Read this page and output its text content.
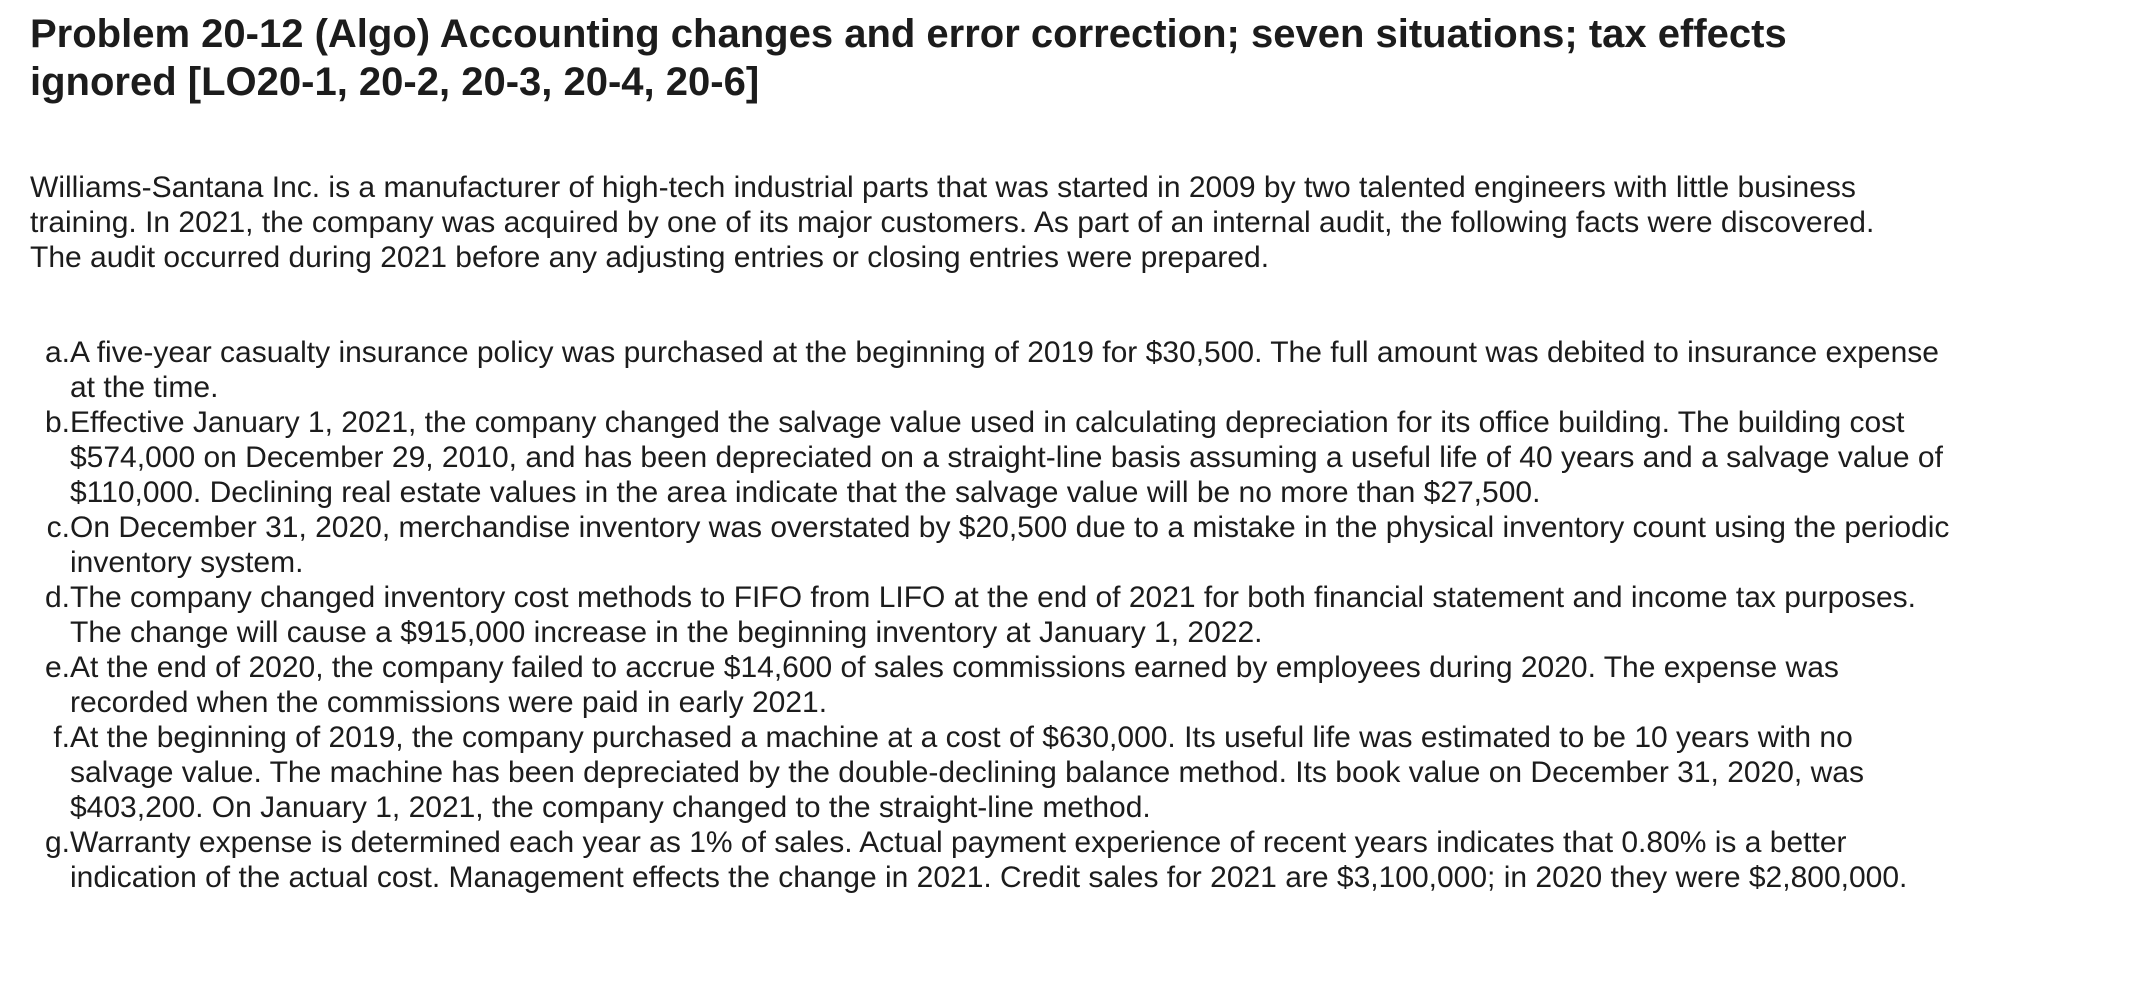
Problem 20-12 (Algo) Accounting changes and error correction; seven situations; tax effects ignored [LO20-1, 20-2, 20-3, 20-4, 20-6]

Williams-Santana Inc. is a manufacturer of high-tech industrial parts that was started in 2009 by two talented engineers with little business training. In 2021, the company was acquired by one of its major customers. As part of an internal audit, the following facts were discovered. The audit occurred during 2021 before any adjusting entries or closing entries were prepared.

a. A five-year casualty insurance policy was purchased at the beginning of 2019 for $30,500. The full amount was debited to insurance expense at the time.
b. Effective January 1, 2021, the company changed the salvage value used in calculating depreciation for its office building. The building cost $574,000 on December 29, 2010, and has been depreciated on a straight-line basis assuming a useful life of 40 years and a salvage value of $110,000. Declining real estate values in the area indicate that the salvage value will be no more than $27,500.
c. On December 31, 2020, merchandise inventory was overstated by $20,500 due to a mistake in the physical inventory count using the periodic inventory system.
d. The company changed inventory cost methods to FIFO from LIFO at the end of 2021 for both financial statement and income tax purposes. The change will cause a $915,000 increase in the beginning inventory at January 1, 2022.
e. At the end of 2020, the company failed to accrue $14,600 of sales commissions earned by employees during 2020. The expense was recorded when the commissions were paid in early 2021.
f. At the beginning of 2019, the company purchased a machine at a cost of $630,000. Its useful life was estimated to be 10 years with no salvage value. The machine has been depreciated by the double-declining balance method. Its book value on December 31, 2020, was $403,200. On January 1, 2021, the company changed to the straight-line method.
g. Warranty expense is determined each year as 1% of sales. Actual payment experience of recent years indicates that 0.80% is a better indication of the actual cost. Management effects the change in 2021. Credit sales for 2021 are $3,100,000; in 2020 they were $2,800,000.
